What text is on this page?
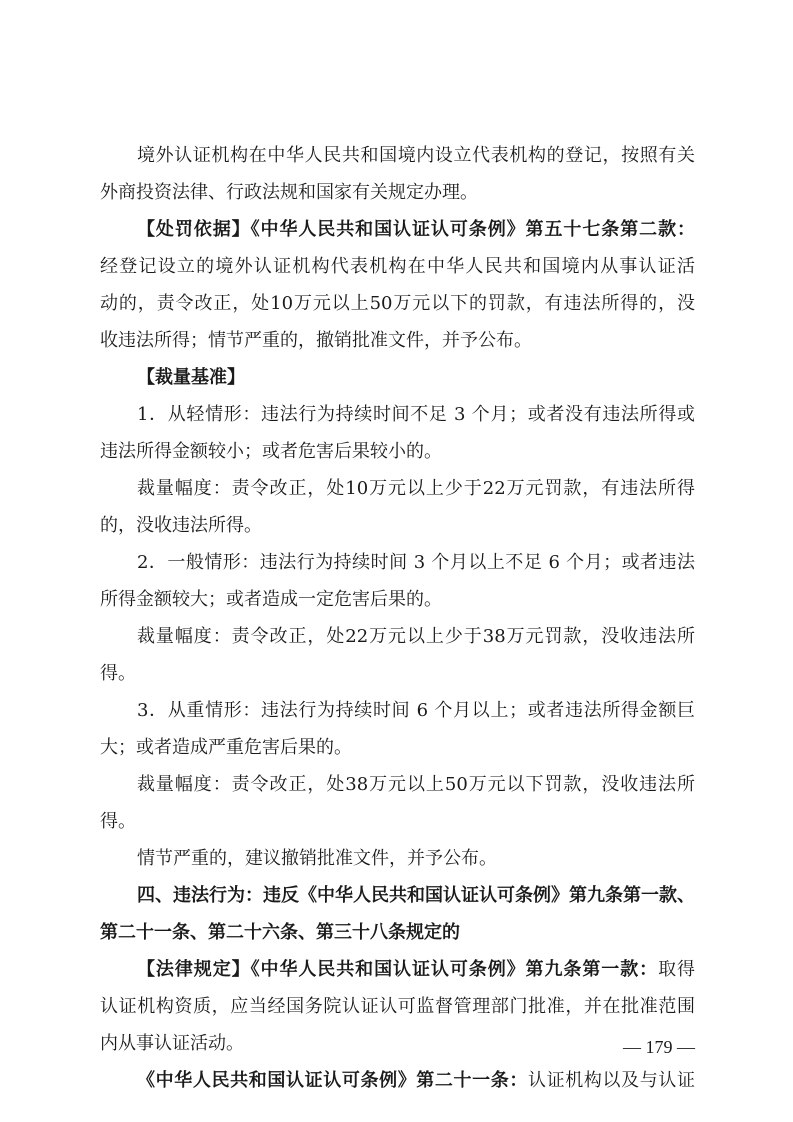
境外认证机构在中华人民共和国境内设立代表机构的登记，按照有关
外商投资法律、行政法规和国家有关规定办理。
【处罚依据】《中华人民共和国认证认可条例》第五十七条第二款：
经登记设立的境外认证机构代表机构在中华人民共和国境内从事认证活
动的，责令改正，处10万元以上50万元以下的罚款，有违法所得的，没
收违法所得；情节严重的，撤销批准文件，并予公布。
【裁量基准】
1．从轻情形：违法行为持续时间不足 3 个月；或者没有违法所得或
违法所得金额较小；或者危害后果较小的。
裁量幅度：责令改正，处10万元以上少于22万元罚款，有违法所得
的，没收违法所得。
2．一般情形：违法行为持续时间 3 个月以上不足 6 个月；或者违法
所得金额较大；或者造成一定危害后果的。
裁量幅度：责令改正，处22万元以上少于38万元罚款，没收违法所
得。
3．从重情形：违法行为持续时间 6 个月以上；或者违法所得金额巨
大；或者造成严重危害后果的。
裁量幅度：责令改正，处38万元以上50万元以下罚款，没收违法所
得。
情节严重的，建议撤销批准文件，并予公布。
四、违法行为：违反《中华人民共和国认证认可条例》第九条第一款、
第二十一条、第二十六条、第三十八条规定的
【法律规定】《中华人民共和国认证认可条例》第九条第一款：取得
认证机构资质，应当经国务院认证认可监督管理部门批准，并在批准范围
内从事认证活动。
《中华人民共和国认证认可条例》第二十一条：认证机构以及与认证
— 179 —
